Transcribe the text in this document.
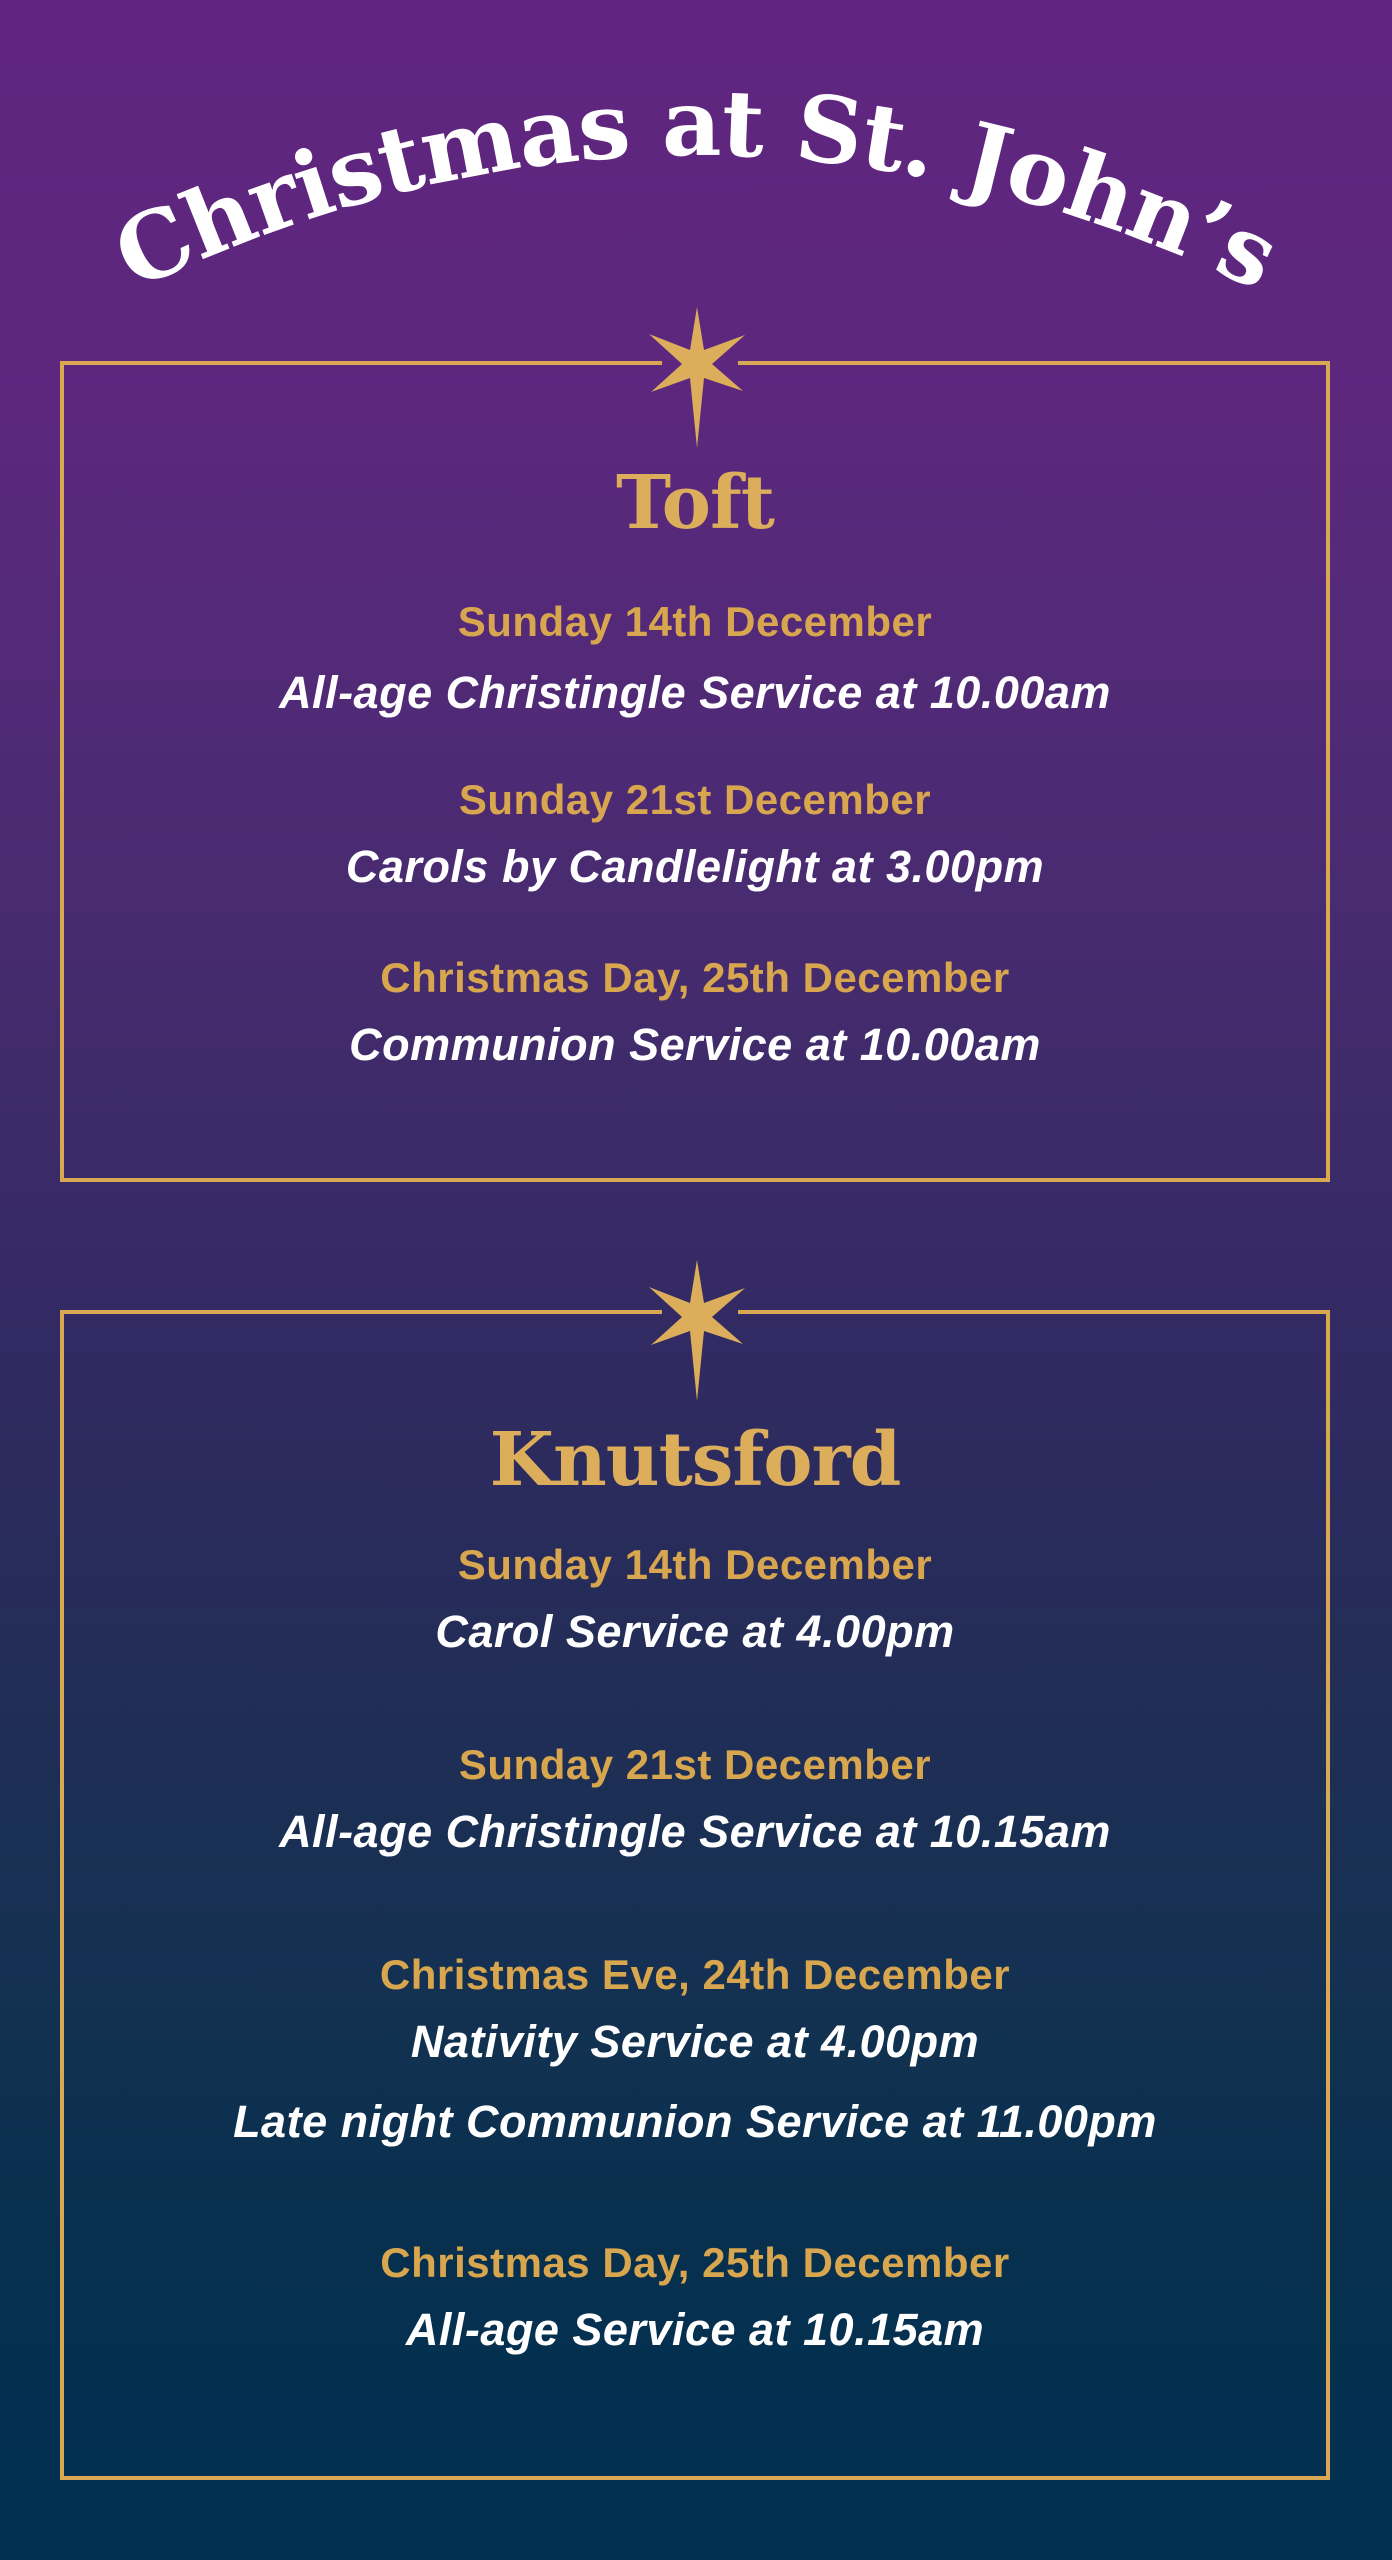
Christmas at St. John’s
Toft
Sunday 14th December
All-age Christingle Service at 10.00am
Sunday 21st December
Carols by Candlelight at 3.00pm
Christmas Day, 25th December
Communion Service at 10.00am
Knutsford
Sunday 14th December
Carol Service at 4.00pm
Sunday 21st December
All-age Christingle Service at 10.15am
Christmas Eve, 24th December
Nativity Service at 4.00pm
Late night Communion Service at 11.00pm
Christmas Day, 25th December
All-age Service at 10.15am
